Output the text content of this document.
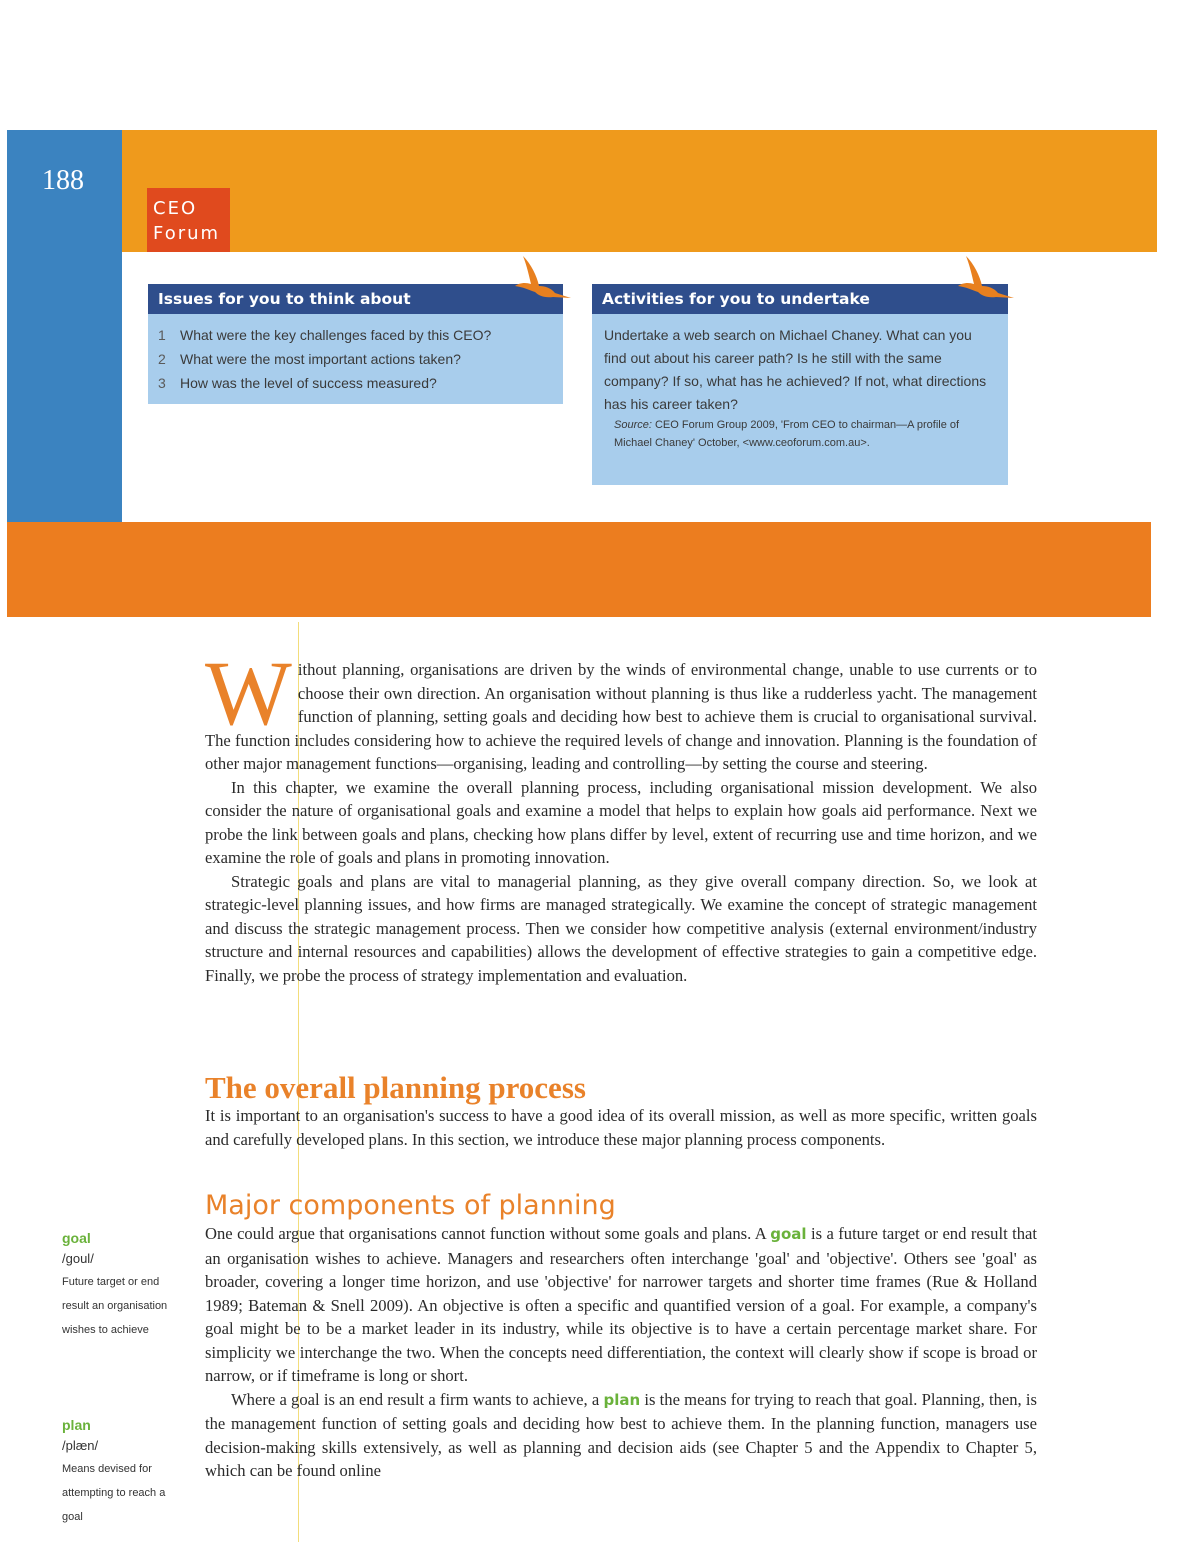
188
CEO
Forum
Issues for you to think about
1 What were the key challenges faced by this CEO?
2 What were the most important actions taken?
3 How was the level of success measured?
Activities for you to undertake
Undertake a web search on Michael Chaney. What can you find out about his career path? Is he still with the same company? If so, what has he achieved? If not, what directions has his career taken?
Source: CEO Forum Group 2009, 'From CEO to chairman—A profile of Michael Chaney' October, <www.ceoforum.com.au>.

Without planning, organisations are driven by the winds of environmental change, unable to use currents or to choose their own direction. An organisation without planning is thus like a rudderless yacht. The management function of planning, setting goals and deciding how best to achieve them is crucial to organisational survival. The function includes considering how to achieve the required levels of change and innovation. Planning is the foundation of other major management functions—organising, leading and controlling—by setting the course and steering.

In this chapter, we examine the overall planning process, including organisational mission development. We also consider the nature of organisational goals and examine a model that helps to explain how goals aid performance. Next we probe the link between goals and plans, checking how plans differ by level, extent of recurring use and time horizon, and we examine the role of goals and plans in promoting innovation.

Strategic goals and plans are vital to managerial planning, as they give overall company direction. So, we look at strategic-level planning issues, and how firms are managed strategically. We examine the concept of strategic management and discuss the strategic management process. Then we consider how competitive analysis (external environment/industry structure and internal resources and capabilities) allows the development of effective strategies to gain a competitive edge. Finally, we probe the process of strategy implementation and evaluation.

The overall planning process

It is important to an organisation's success to have a good idea of its overall mission, as well as more specific, written goals and carefully developed plans. In this section, we introduce these major planning process components.

Major components of planning

One could argue that organisations cannot function without some goals and plans. A goal is a future target or end result that an organisation wishes to achieve. Managers and researchers often interchange 'goal' and 'objective'. Others see 'goal' as broader, covering a longer time horizon, and use 'objective' for narrower targets and shorter time frames (Rue & Holland 1989; Bateman & Snell 2009). An objective is often a specific and quantified version of a goal. For example, a company's goal might be to be a market leader in its industry, while its objective is to have a certain percentage market share. For simplicity we interchange the two. When the concepts need differentiation, the context will clearly show if scope is broad or narrow, or if timeframe is long or short.

Where a goal is an end result a firm wants to achieve, a plan is the means for trying to reach that goal. Planning, then, is the management function of setting goals and deciding how best to achieve them. In the planning function, managers use decision-making skills extensively, as well as planning and decision aids (see Chapter 5 and the Appendix to Chapter 5, which can be found online

goal
/goul/
Future target or end result an organisation wishes to achieve
plan
/plæn/
Means devised for attempting to reach a goal
